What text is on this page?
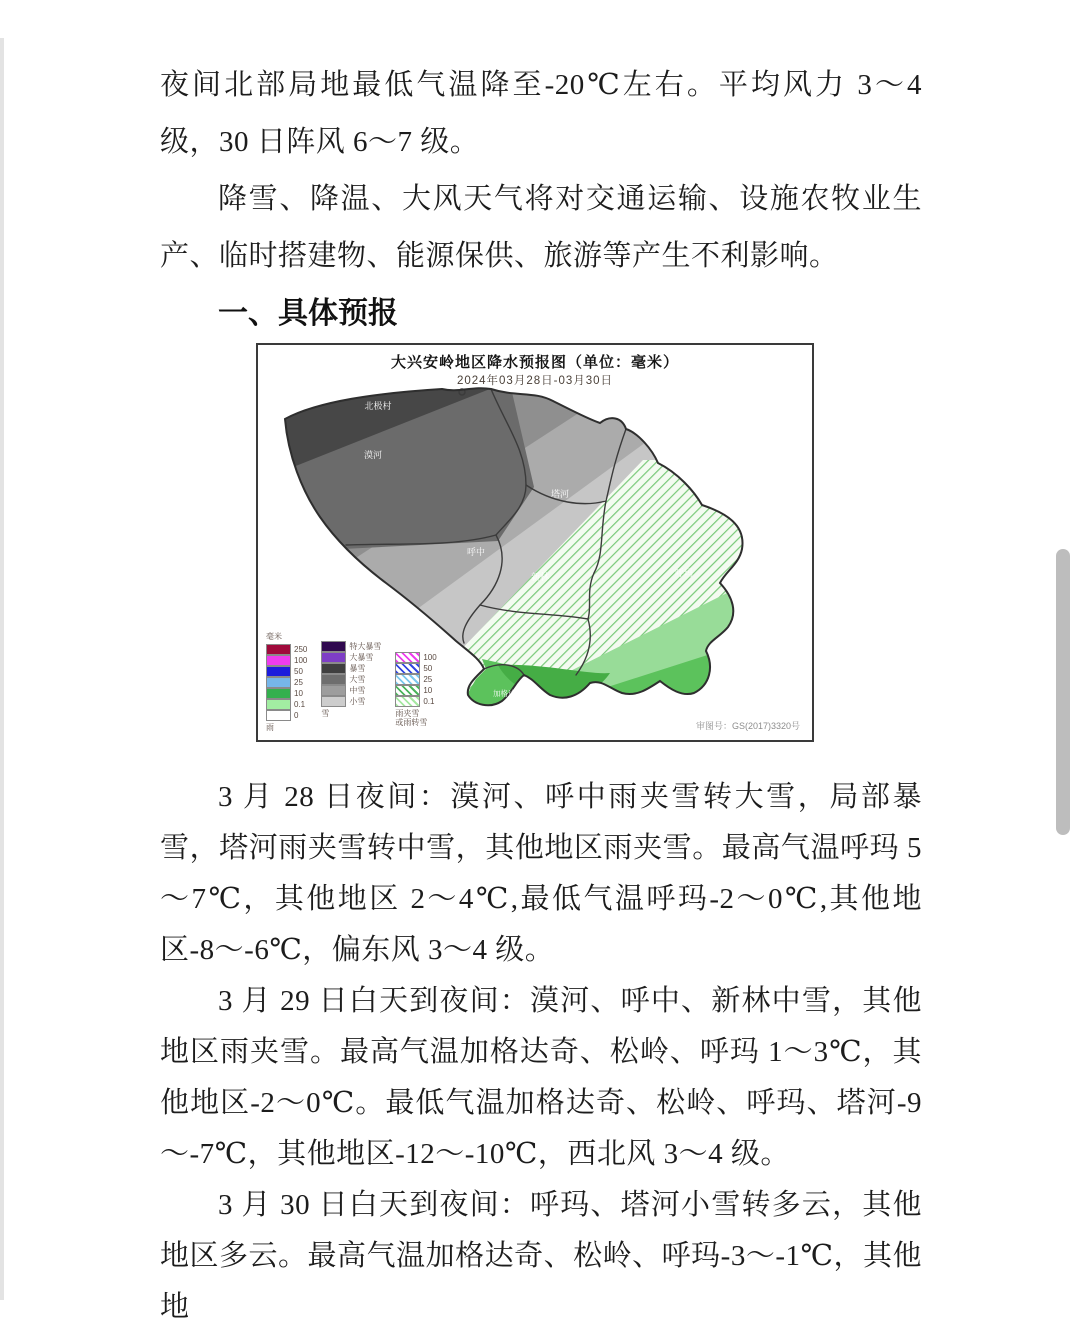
夜间北部局地最低气温降至-20℃左右。平均风力 3～4 级，30 日阵风 6～7 级。

降雪、降温、大风天气将对交通运输、设施农牧业生产、临时搭建物、能源保供、旅游等产生不利影响。

一、具体预报
北极村
漠河
塔河
呼中
新林	呼玛
加格达奇
大兴安岭地区降水预报图（单位：毫米）
2024年03月28日-03月30日
毫米
250
100
50
25
10
0.1
0
雨
特大暴雪
大暴雪
暴雪
大雪
中雪
小雪
雪
100
50
25
10
0.1
雨夹雪
或雨转雪	审图号：GS(2017)3320号

3 月 28 日夜间：漠河、呼中雨夹雪转大雪，局部暴雪，塔河雨夹雪转中雪，其他地区雨夹雪。最高气温呼玛 5～7℃，其他地区 2～4℃,最低气温呼玛-2～0℃,其他地区-8～-6℃，偏东风 3～4 级。

3 月 29 日白天到夜间：漠河、呼中、新林中雪，其他地区雨夹雪。最高气温加格达奇、松岭、呼玛 1～3℃，其他地区-2～0℃。最低气温加格达奇、松岭、呼玛、塔河-9～-7℃，其他地区-12～-10℃，西北风 3～4 级。

3 月 30 日白天到夜间：呼玛、塔河小雪转多云，其他地区多云。最高气温加格达奇、松岭、呼玛-3～-1℃，其他地
